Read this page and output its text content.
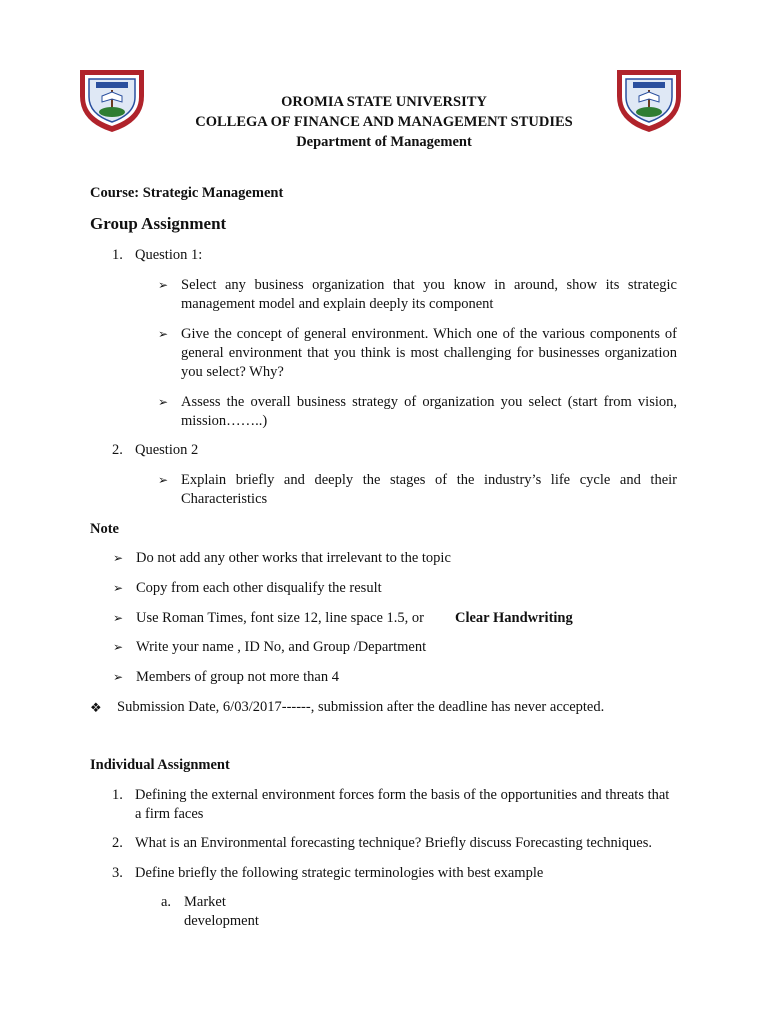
OROMIA STATE UNIVERSITY
COLLEGA OF FINANCE AND MANAGEMENT STUDIES
Department of Management
Course: Strategic Management
Group Assignment
1. Question 1:
➢ Select any business organization that you know in around, show its strategic management model and explain deeply its component
➢ Give the concept of general environment. Which one of the various components of general environment that you think is most challenging for businesses organization you select? Why?
➢ Assess the overall business strategy of organization you select (start from vision, mission……..)
2. Question 2
➢ Explain briefly and deeply the stages of the industry’s life cycle and their Characteristics
Note
➢ Do not add any other works that irrelevant to the topic
➢ Copy from each other disqualify the result
➢ Use Roman Times, font size 12, line space 1.5, or Clear Handwriting
➢ Write your name , ID No, and Group /Department
➢ Members of group not more than 4
❖ Submission Date, 6/03/2017------, submission after the deadline has never accepted.
Individual Assignment
1. Defining the external environment forces form the basis of the opportunities and threats that a firm faces
2. What is an Environmental forecasting technique? Briefly discuss Forecasting techniques.
3. Define briefly the following strategic terminologies with best example
a. Market development
